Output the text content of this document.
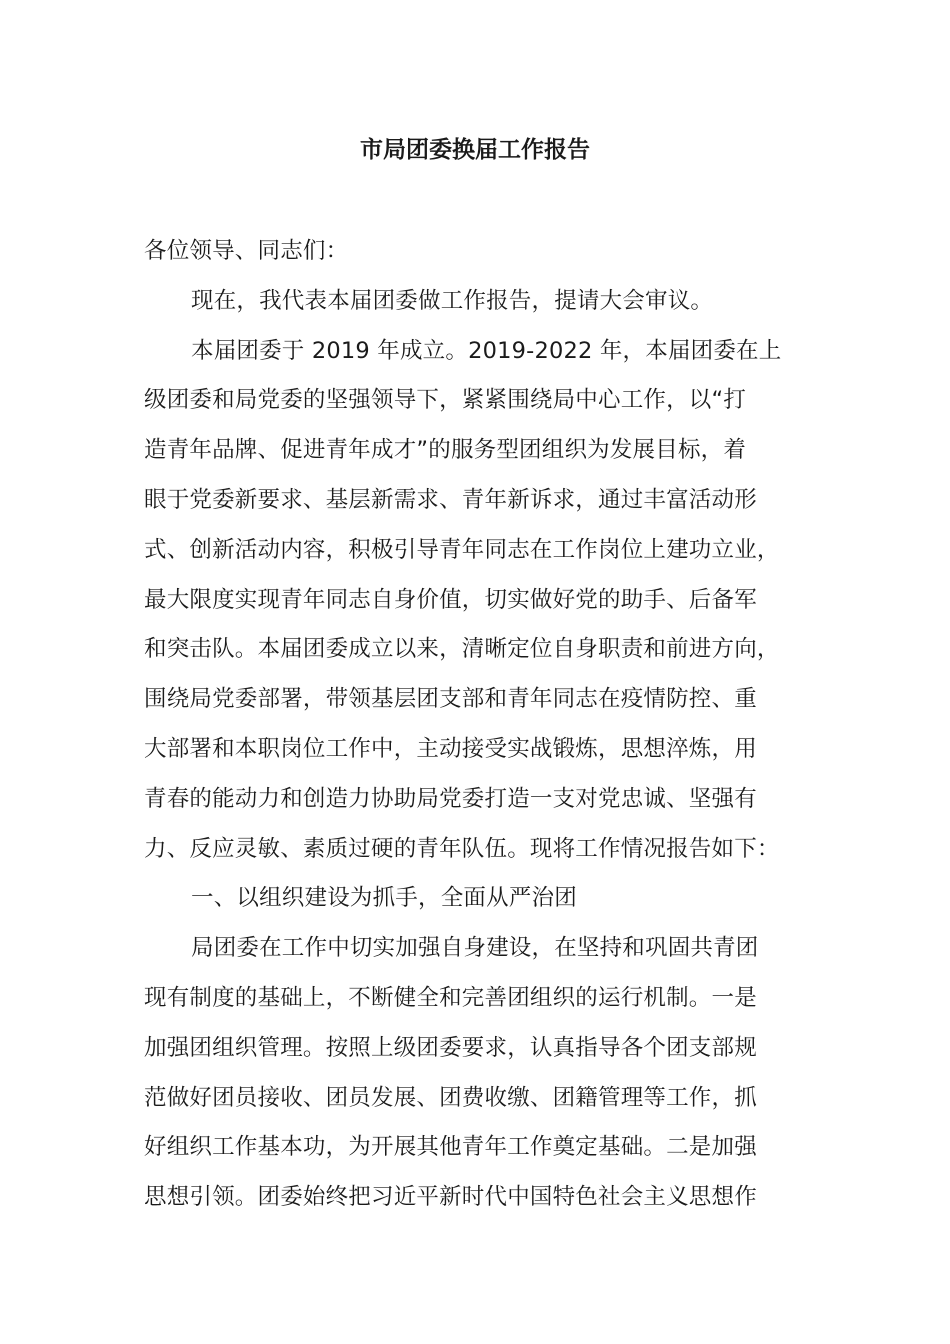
市局团委换届工作报告
各位领导、同志们：
现在，我代表本届团委做工作报告，提请大会审议。
本届团委于 2019 年成立。2019-2022 年，本届团委在上
级团委和局党委的坚强领导下，紧紧围绕局中心工作，以“打
造青年品牌、促进青年成才”的服务型团组织为发展目标，着
眼于党委新要求、基层新需求、青年新诉求，通过丰富活动形
式、创新活动内容，积极引导青年同志在工作岗位上建功立业，
最大限度实现青年同志自身价值，切实做好党的助手、后备军
和突击队。本届团委成立以来，清晰定位自身职责和前进方向，
围绕局党委部署，带领基层团支部和青年同志在疫情防控、重
大部署和本职岗位工作中，主动接受实战锻炼，思想淬炼，用
青春的能动力和创造力协助局党委打造一支对党忠诚、坚强有
力、反应灵敏、素质过硬的青年队伍。现将工作情况报告如下：
一、以组织建设为抓手，全面从严治团
局团委在工作中切实加强自身建设，在坚持和巩固共青团
现有制度的基础上，不断健全和完善团组织的运行机制。一是
加强团组织管理。按照上级团委要求，认真指导各个团支部规
范做好团员接收、团员发展、团费收缴、团籍管理等工作，抓
好组织工作基本功，为开展其他青年工作奠定基础。二是加强
思想引领。团委始终把习近平新时代中国特色社会主义思想作
